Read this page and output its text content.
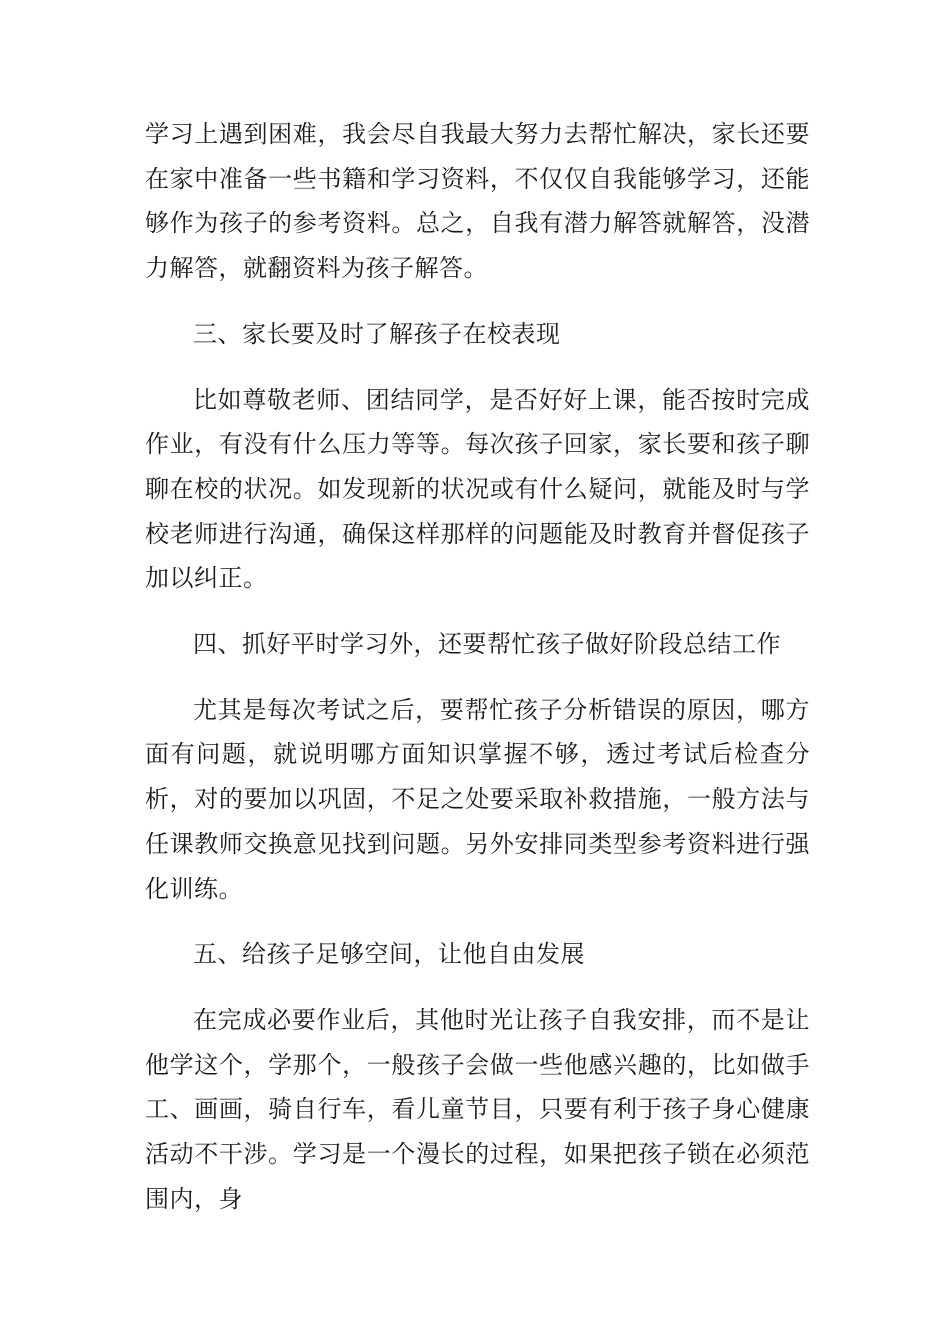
学习上遇到困难，我会尽自我最大努力去帮忙解决，家长还要在家中准备一些书籍和学习资料，不仅仅自我能够学习，还能够作为孩子的参考资料。总之，自我有潜力解答就解答，没潜力解答，就翻资料为孩子解答。

三、家长要及时了解孩子在校表现

比如尊敬老师、团结同学，是否好好上课，能否按时完成作业，有没有什么压力等等。每次孩子回家，家长要和孩子聊聊在校的状况。如发现新的状况或有什么疑问，就能及时与学校老师进行沟通，确保这样那样的问题能及时教育并督促孩子加以纠正。

四、抓好平时学习外，还要帮忙孩子做好阶段总结工作

尤其是每次考试之后，要帮忙孩子分析错误的原因，哪方面有问题，就说明哪方面知识掌握不够，透过考试后检查分析，对的要加以巩固，不足之处要采取补救措施，一般方法与任课教师交换意见找到问题。另外安排同类型参考资料进行强化训练。

五、给孩子足够空间，让他自由发展

在完成必要作业后，其他时光让孩子自我安排，而不是让他学这个，学那个，一般孩子会做一些他感兴趣的，比如做手工、画画，骑自行车，看儿童节目，只要有利于孩子身心健康活动不干涉。学习是一个漫长的过程，如果把孩子锁在必须范围内，身
